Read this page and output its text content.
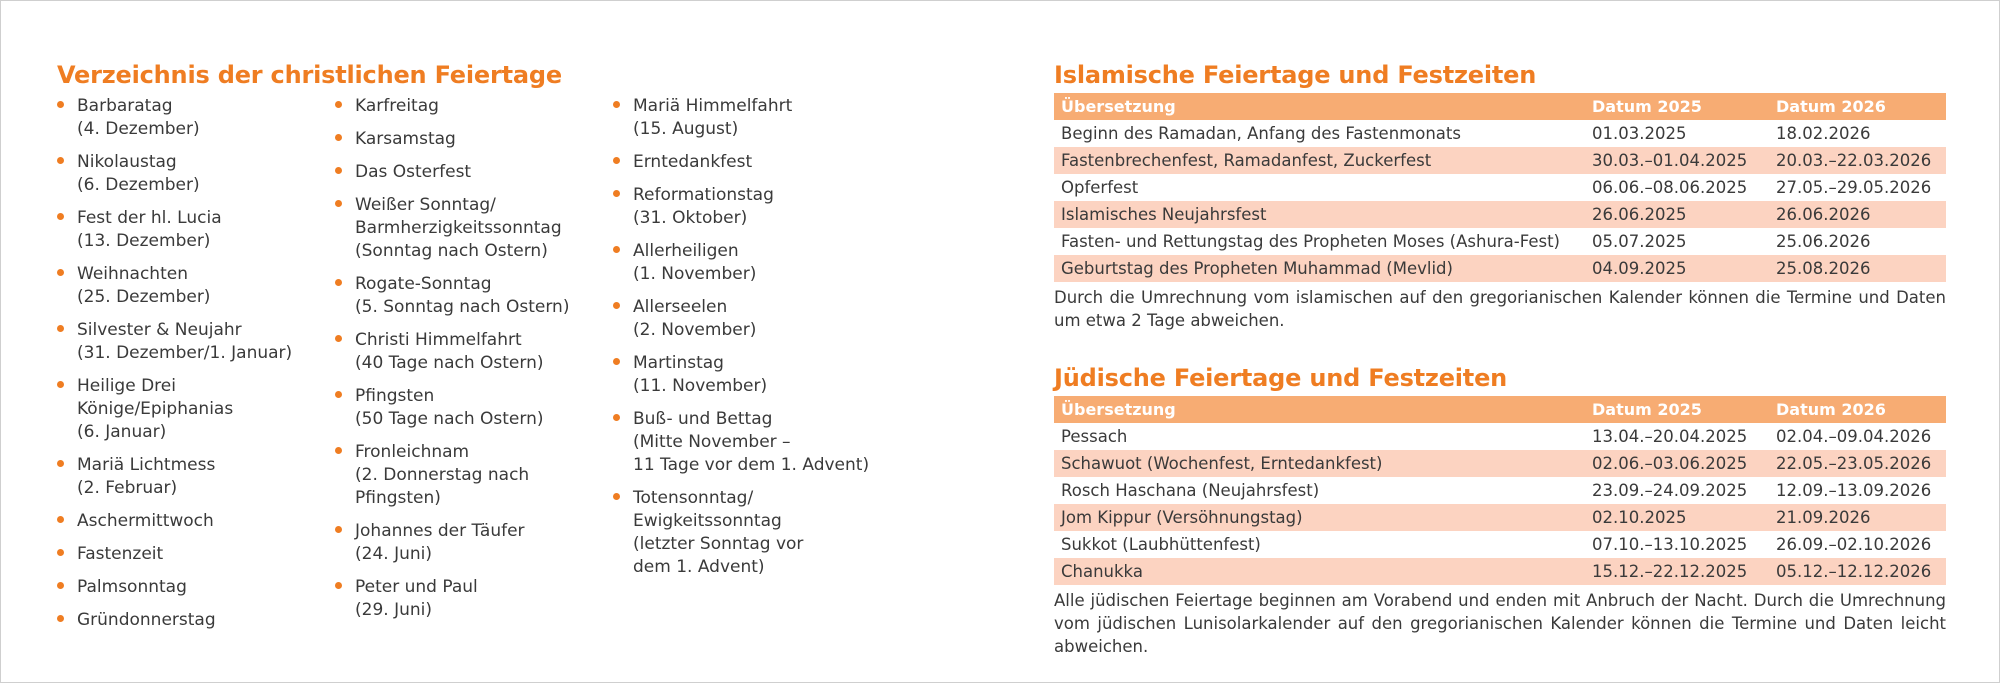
Verzeichnis der christlichen Feiertage
Barbaratag
(4. Dezember)
Nikolaustag
(6. Dezember)
Fest der hl. Lucia
(13. Dezember)
Weihnachten
(25. Dezember)
Silvester & Neujahr
(31. Dezember/1. Januar)
Heilige Drei Könige/Epiphanias
(6. Januar)
Mariä Lichtmess
(2. Februar)
Aschermittwoch
Fastenzeit
Palmsonntag
Gründonnerstag
Karfreitag
Karsamstag
Das Osterfest
Weißer Sonntag/
Barmherzigkeitssonntag
(Sonntag nach Ostern)
Rogate-Sonntag
(5. Sonntag nach Ostern)
Christi Himmelfahrt
(40 Tage nach Ostern)
Pfingsten
(50 Tage nach Ostern)
Fronleichnam
(2. Donnerstag nach Pfingsten)
Johannes der Täufer
(24. Juni)
Peter und Paul
(29. Juni)
Mariä Himmelfahrt
(15. August)
Erntedankfest
Reformationstag
(31. Oktober)
Allerheiligen
(1. November)
Allerseelen
(2. November)
Martinstag
(11. November)
Buß- und Bettag
(Mitte November –
11 Tage vor dem 1. Advent)
Totensonntag/
Ewigkeitssonntag
(letzter Sonntag vor
dem 1. Advent)
Islamische Feiertage und Festzeiten
Übersetzung	Datum 2025	Datum 2026
Beginn des Ramadan, Anfang des Fastenmonats	01.03.2025	18.02.2026
Fastenbrechenfest, Ramadanfest, Zuckerfest	30.03.–01.04.2025	20.03.–22.03.2026
Opferfest	06.06.–08.06.2025	27.05.–29.05.2026
Islamisches Neujahrsfest	26.06.2025	26.06.2026
Fasten- und Rettungstag des Propheten Moses (Ashura-Fest)	05.07.2025	25.06.2026
Geburtstag des Propheten Muhammad (Mevlid)	04.09.2025	25.08.2026
Durch die Umrechnung vom islamischen auf den gregorianischen Kalender können die Termine und Daten um etwa 2 Tage abweichen.
Jüdische Feiertage und Festzeiten
Übersetzung	Datum 2025	Datum 2026
Pessach	13.04.–20.04.2025	02.04.–09.04.2026
Schawuot (Wochenfest, Erntedankfest)	02.06.–03.06.2025	22.05.–23.05.2026
Rosch Haschana (Neujahrsfest)	23.09.–24.09.2025	12.09.–13.09.2026
Jom Kippur (Versöhnungstag)	02.10.2025	21.09.2026
Sukkot (Laubhüttenfest)	07.10.–13.10.2025	26.09.–02.10.2026
Chanukka	15.12.–22.12.2025	05.12.–12.12.2026
Alle jüdischen Feiertage beginnen am Vorabend und enden mit Anbruch der Nacht. Durch die Umrechnung vom jüdischen Lunisolarkalender auf den gregorianischen Kalender können die Termine und Daten leicht abweichen.
